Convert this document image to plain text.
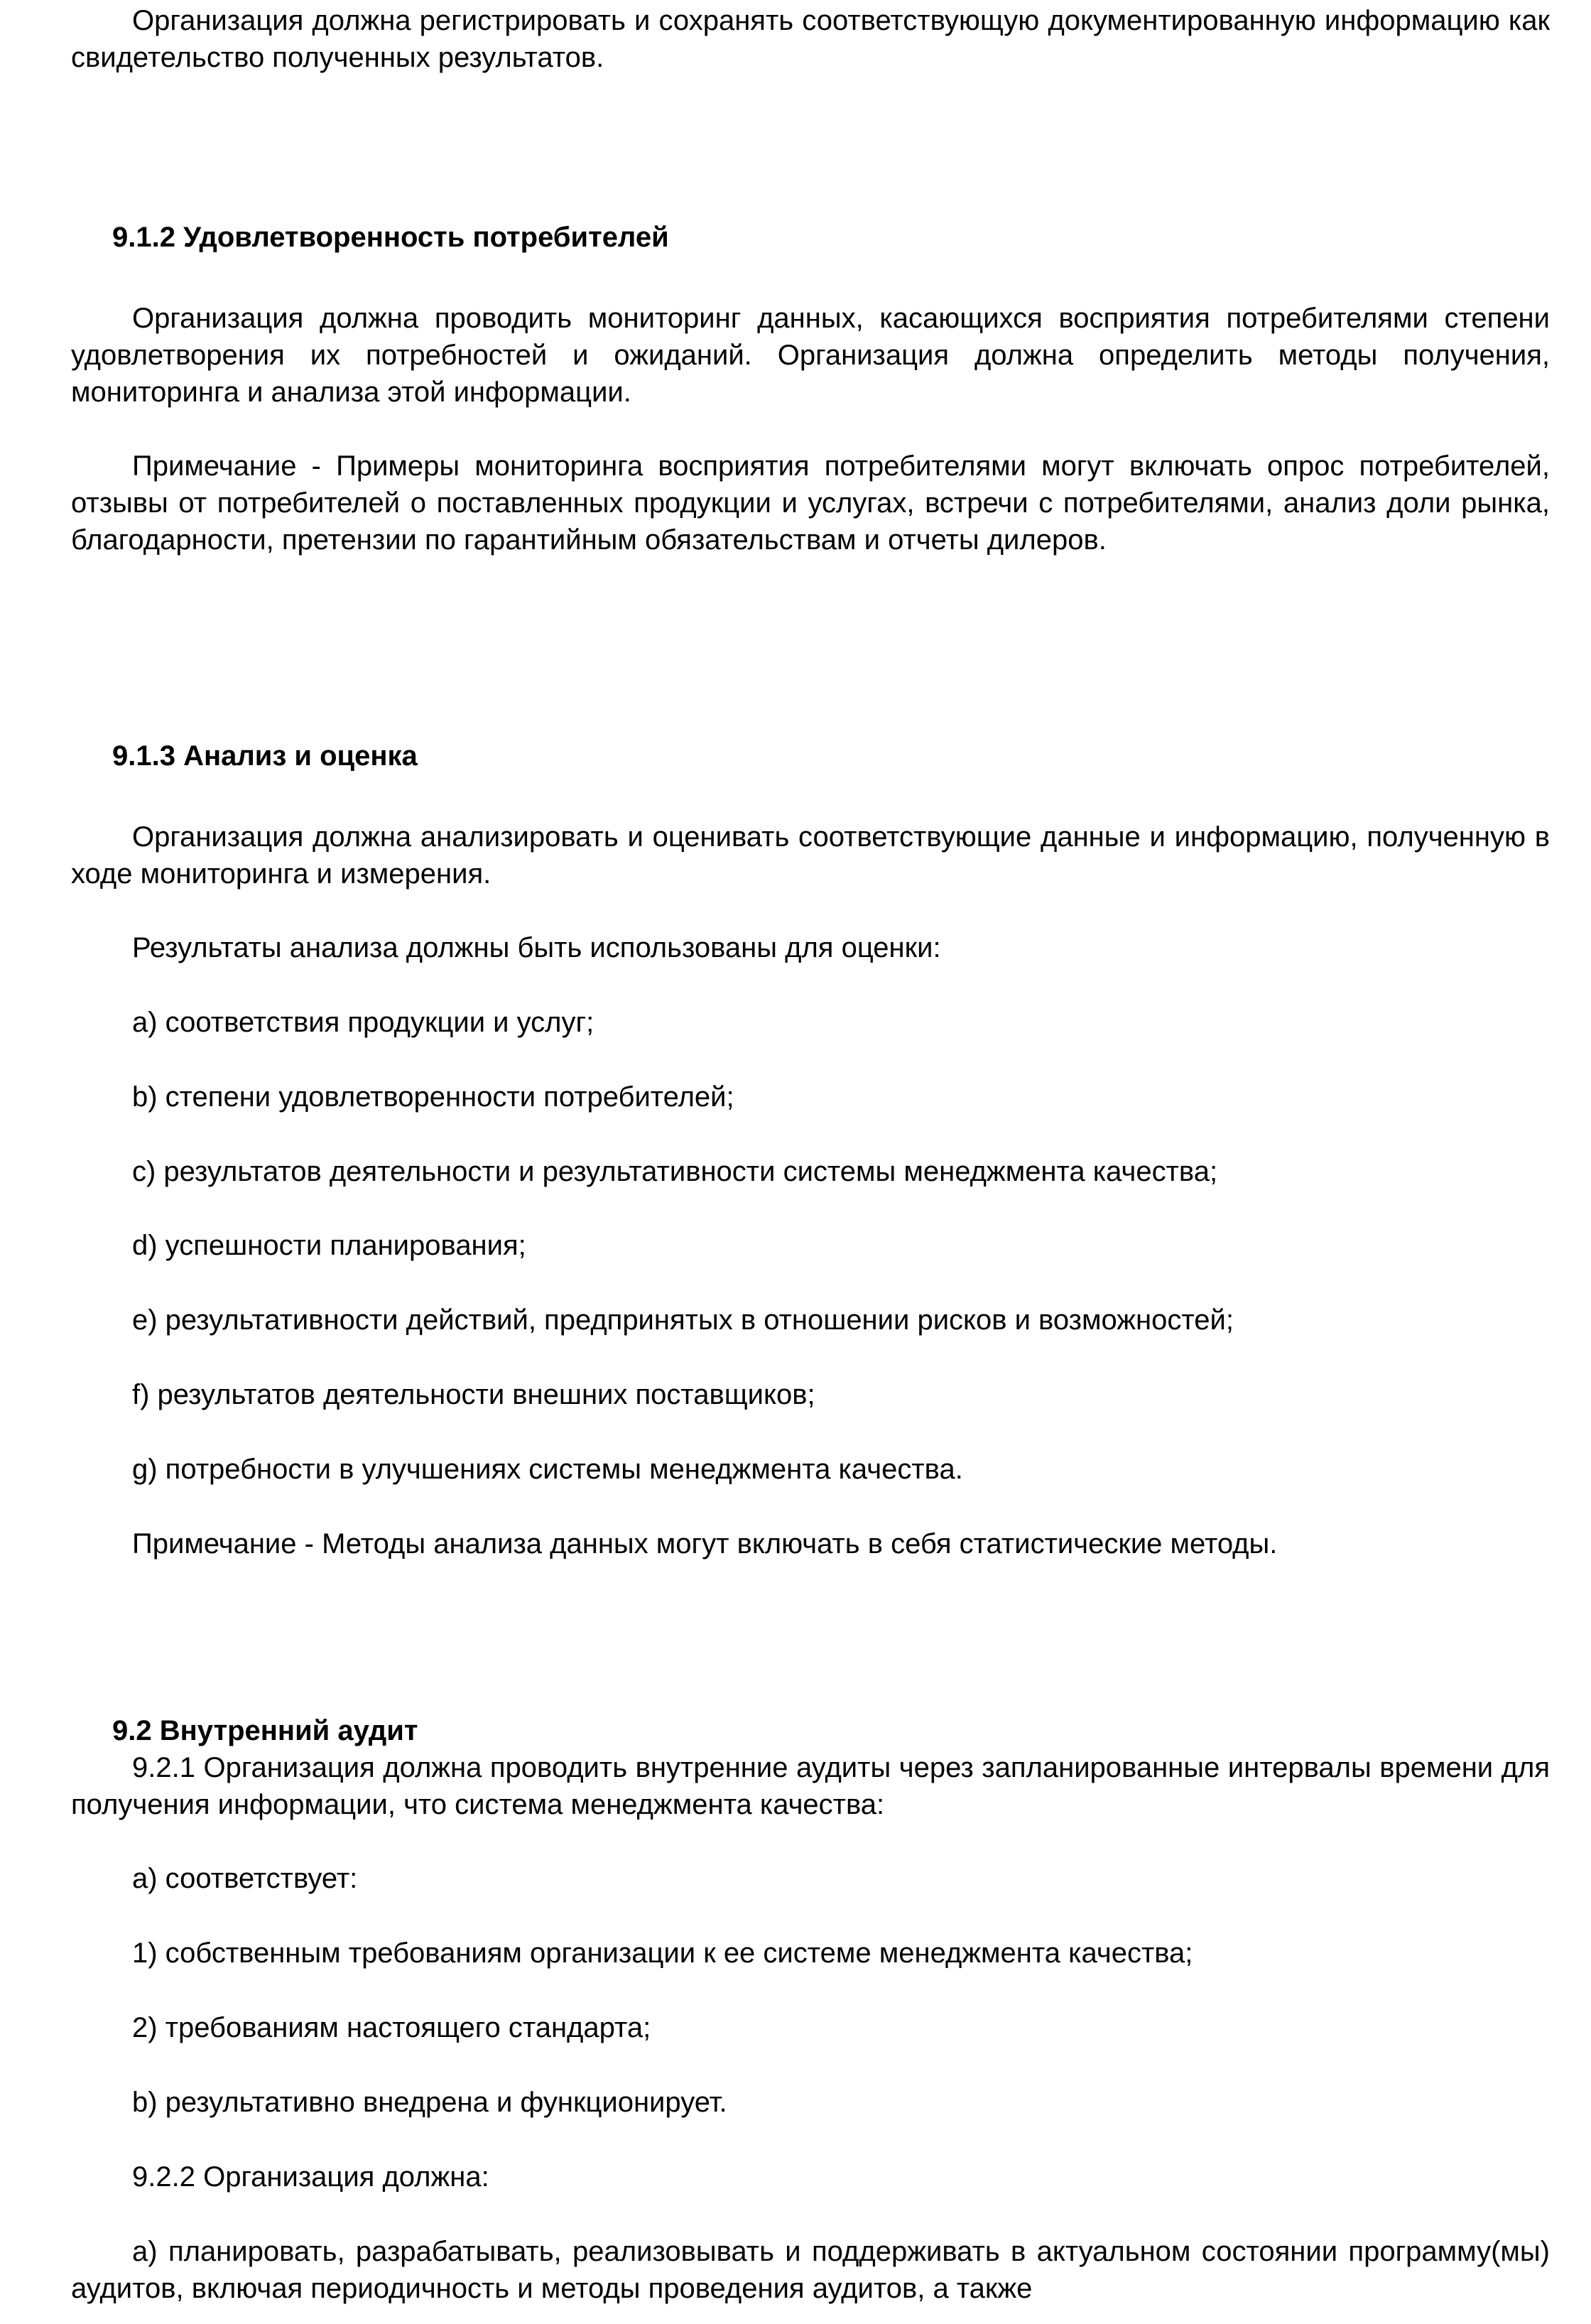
Организация должна регистрировать и сохранять соответствующую документированную информацию как свидетельство полученных результатов.

9.1.2 Удовлетворенность потребителей

Организация должна проводить мониторинг данных, касающихся восприятия потребителями степени удовлетворения их потребностей и ожиданий. Организация должна определить методы получения, мониторинга и анализа этой информации.

Примечание - Примеры мониторинга восприятия потребителями могут включать опрос потребителей, отзывы от потребителей о поставленных продукции и услугах, встречи с потребителями, анализ доли рынка, благодарности, претензии по гарантийным обязательствам и отчеты дилеров.

9.1.3 Анализ и оценка

Организация должна анализировать и оценивать соответствующие данные и информацию, полученную в ходе мониторинга и измерения.

Результаты анализа должны быть использованы для оценки:

a) соответствия продукции и услуг;

b) степени удовлетворенности потребителей;

c) результатов деятельности и результативности системы менеджмента качества;

d) успешности планирования;

e) результативности действий, предпринятых в отношении рисков и возможностей;

f) результатов деятельности внешних поставщиков;

g) потребности в улучшениях системы менеджмента качества.

Примечание - Методы анализа данных могут включать в себя статистические методы.

9.2 Внутренний аудит

9.2.1 Организация должна проводить внутренние аудиты через запланированные интервалы времени для получения информации, что система менеджмента качества:

a) соответствует:

1) собственным требованиям организации к ее системе менеджмента качества;

2) требованиям настоящего стандарта;

b) результативно внедрена и функционирует.

9.2.2 Организация должна:

a) планировать, разрабатывать, реализовывать и поддерживать в актуальном состоянии программу(мы) аудитов, включая периодичность и методы проведения аудитов, а также
